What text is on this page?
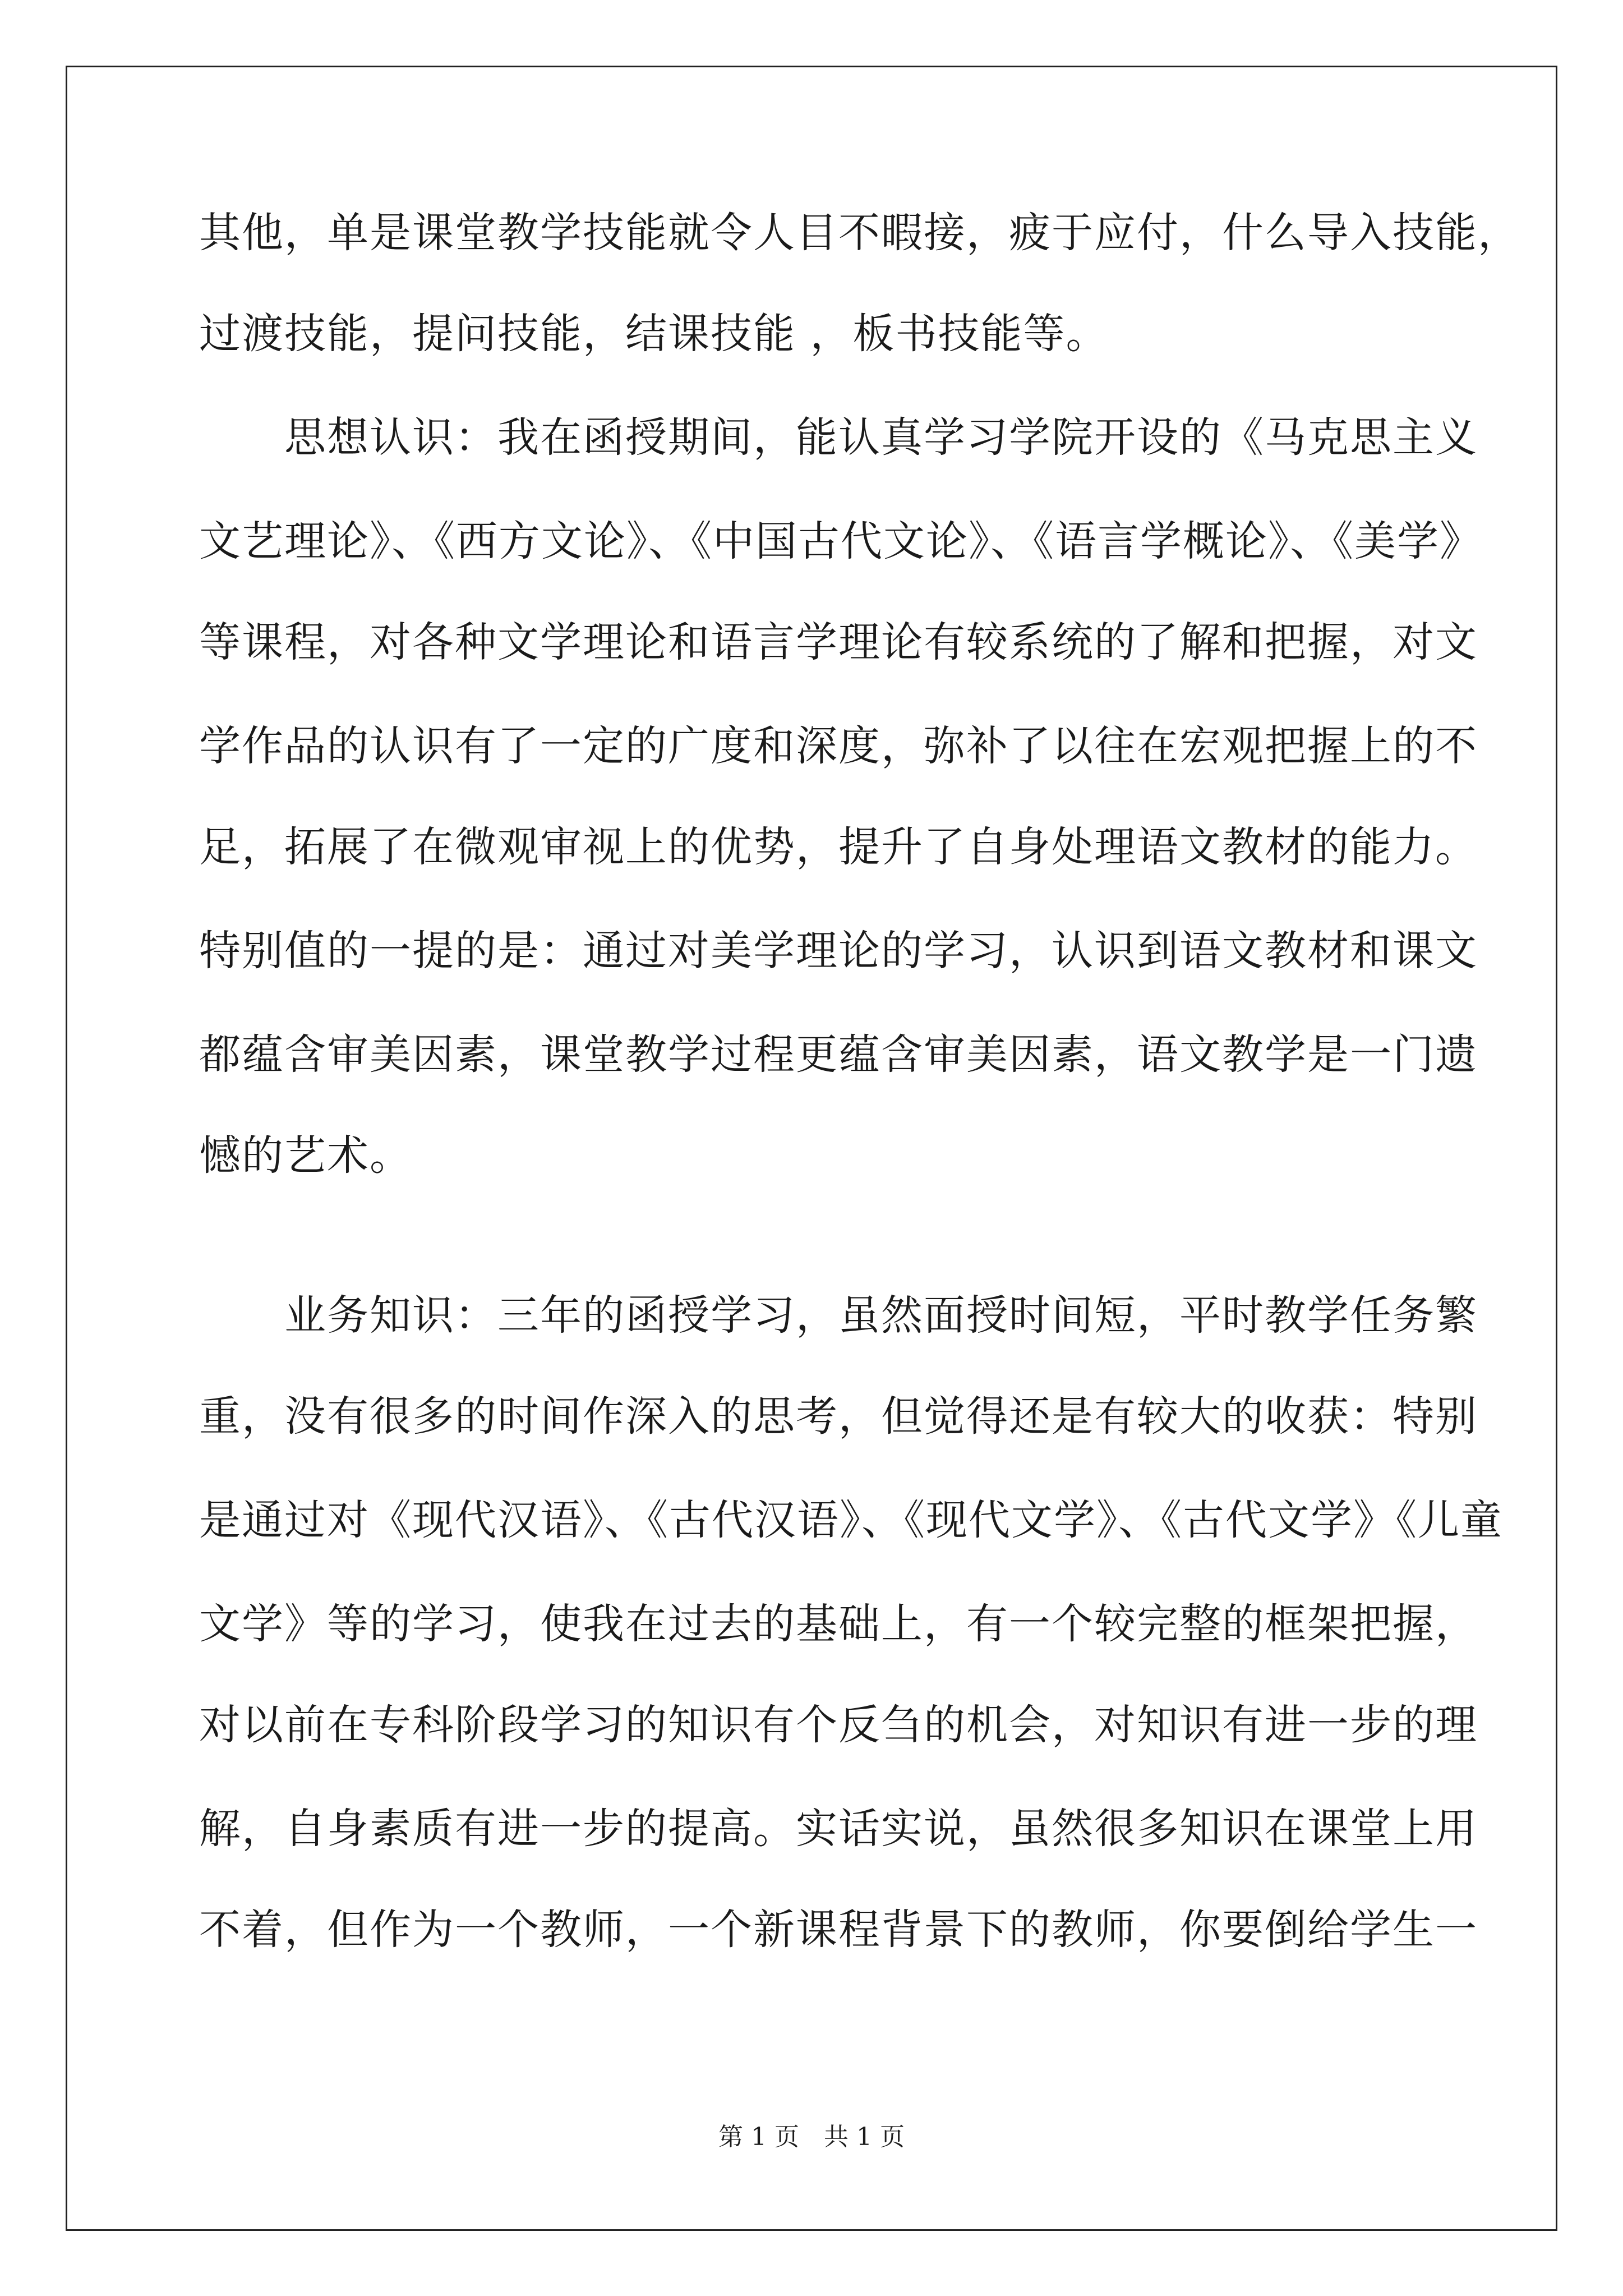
其他，单是课堂教学技能就令人目不暇接，疲于应付，什么导入技能，
过渡技能，提问技能，结课技能 ，板书技能等。
　　思想认识：我在函授期间，能认真学习学院开设的《马克思主义
文艺理论》、《西方文论》、《中国古代文论》、《语言学概论》、《美学》
等课程，对各种文学理论和语言学理论有较系统的了解和把握，对文
学作品的认识有了一定的广度和深度，弥补了以往在宏观把握上的不
足，拓展了在微观审视上的优势，提升了自身处理语文教材的能力。
特别值的一提的是：通过对美学理论的学习，认识到语文教材和课文
都蕴含审美因素，课堂教学过程更蕴含审美因素，语文教学是一门遗
憾的艺术。
　　业务知识：三年的函授学习，虽然面授时间短，平时教学任务繁
重，没有很多的时间作深入的思考，但觉得还是有较大的收获：特别
是通过对《现代汉语》、《古代汉语》、《现代文学》、《古代文学》《儿童
文学》等的学习，使我在过去的基础上，有一个较完整的框架把握，
对以前在专科阶段学习的知识有个反刍的机会，对知识有进一步的理
解，自身素质有进一步的提高。实话实说，虽然很多知识在课堂上用
不着，但作为一个教师，一个新课程背景下的教师，你要倒给学生一
第 1 页　共 1 页
